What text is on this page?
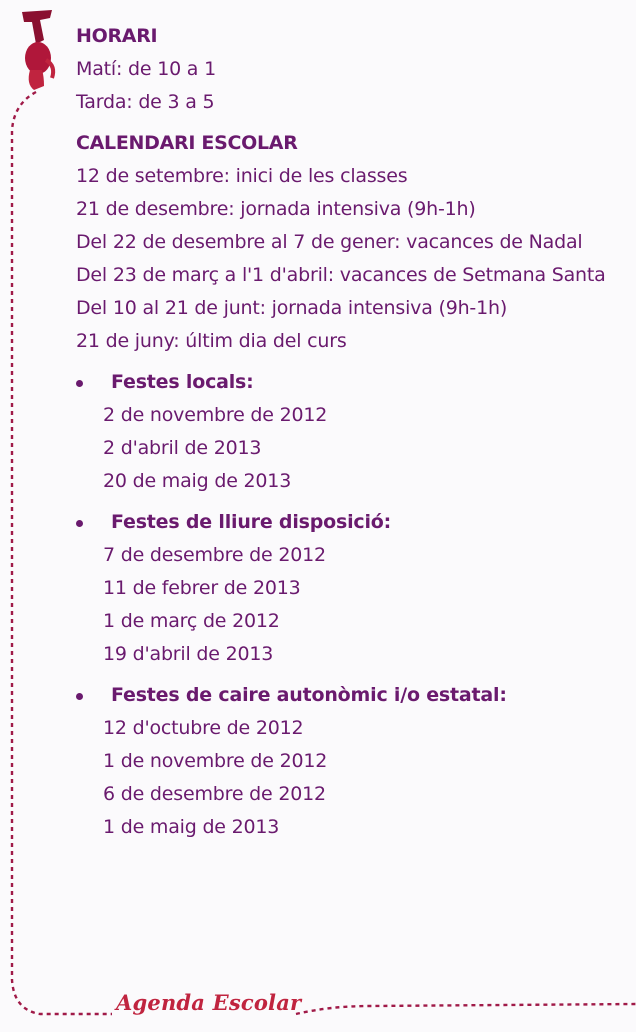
HORARI
Matí: de 10 a 1
Tarda: de 3 a 5
CALENDARI ESCOLAR
12 de setembre: inici de les classes
21 de desembre: jornada intensiva (9h-1h)
Del 22 de desembre al 7 de gener: vacances de Nadal
Del 23 de març a l'1 d'abril: vacances de Setmana Santa
Del 10 al 21 de junt: jornada intensiva (9h-1h)
21 de juny: últim dia del curs
Festes locals:
2 de novembre de 2012
2 d'abril de 2013
20 de maig de 2013
Festes de lliure disposició:
7 de desembre de 2012
11 de febrer de 2013
1 de març de 2012
19 d'abril de 2013
Festes de caire autonòmic i/o estatal:
12 d'octubre de 2012
1 de novembre de 2012
6 de desembre de 2012
1 de maig de 2013
Agenda Escolar
